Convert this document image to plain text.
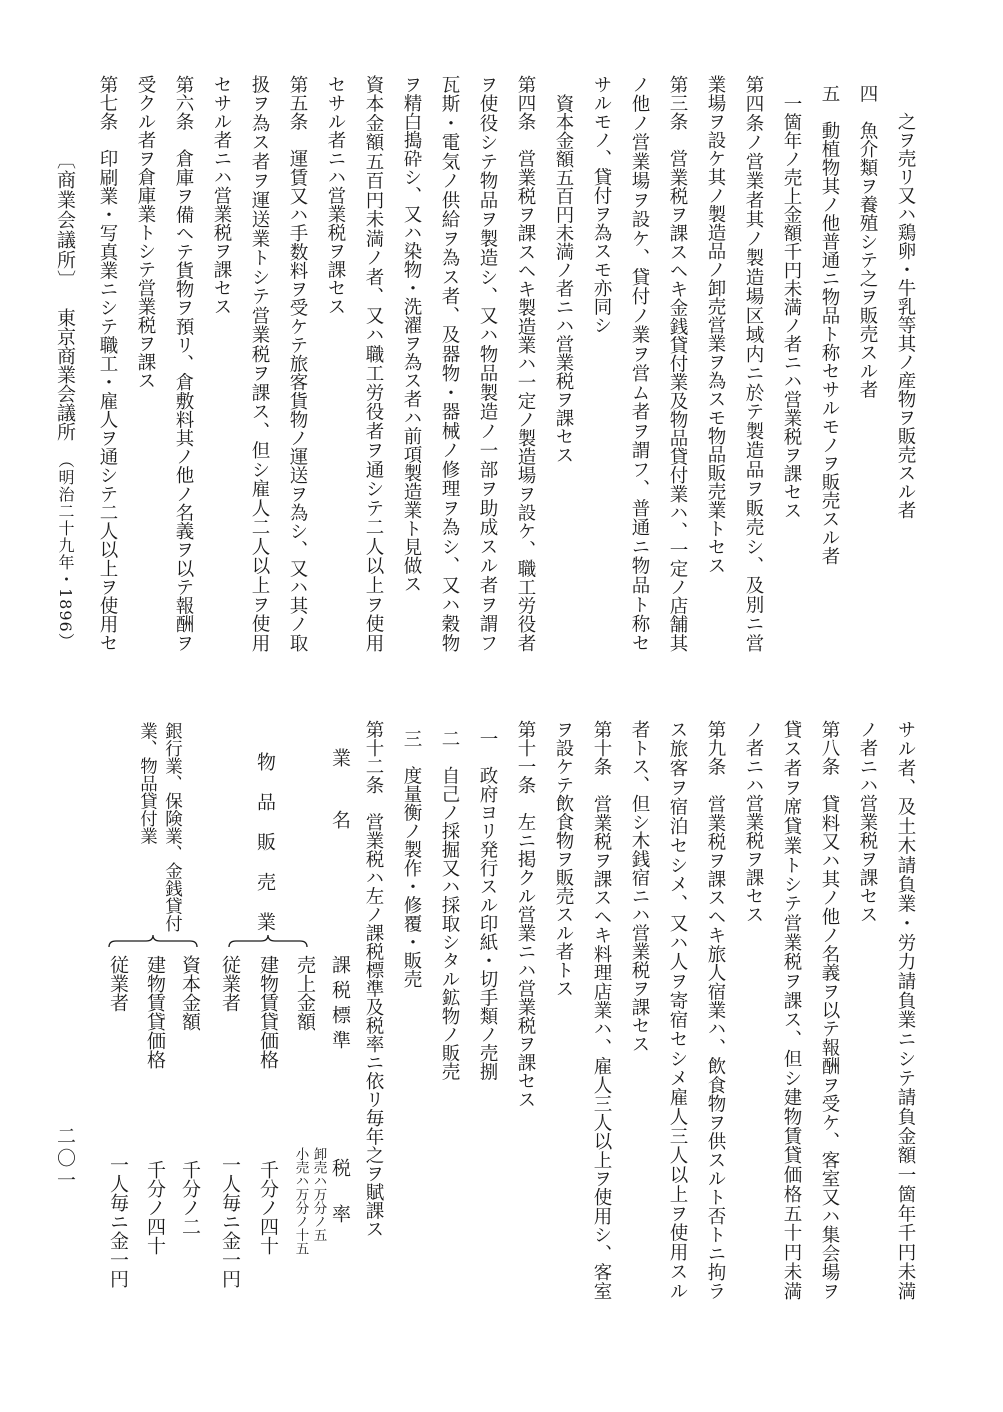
〔商業会議所〕
東京商業会議所
（明治二十九年・1896）
之ヲ売リ又ハ鶏卵・牛乳等其ノ産物ヲ販売スル者
四　魚介類ヲ養殖シテ之ヲ販売スル者
五　動植物其ノ他普通ニ物品ト称セサルモノヲ販売スル者
一箇年ノ売上金額千円未満ノ者ニハ営業税ヲ課セス
第四条ノ営業者其ノ製造場区域内ニ於テ製造品ヲ販売シ、及別ニ営
業場ヲ設ケ其ノ製造品ノ卸売営業ヲ為スモ物品販売業トセス
第三条　営業税ヲ課スヘキ金銭貸付業及物品貸付業ハ、一定ノ店舗其
ノ他ノ営業場ヲ設ケ、貸付ノ業ヲ営ム者ヲ謂フ、普通ニ物品ト称セ
サルモノ、貸付ヲ為スモ亦同シ
資本金額五百円未満ノ者ニハ営業税ヲ課セス
第四条　営業税ヲ課スヘキ製造業ハ一定ノ製造場ヲ設ケ、職工労役者
ヲ使役シテ物品ヲ製造シ、又ハ物品製造ノ一部ヲ助成スル者ヲ謂フ
瓦斯・電気ノ供給ヲ為ス者、及器物・器械ノ修理ヲ為シ、又ハ穀物
ヲ精白搗砕シ、又ハ染物・洗濯ヲ為ス者ハ前項製造業ト見做ス
資本金額五百円未満ノ者、又ハ職工労役者ヲ通シテ二人以上ヲ使用
セサル者ニハ営業税ヲ課セス
第五条　運賃又ハ手数料ヲ受ケテ旅客貨物ノ運送ヲ為シ、又ハ其ノ取
扱ヲ為ス者ヲ運送業トシテ営業税ヲ課ス、但シ雇人二人以上ヲ使用
セサル者ニハ営業税ヲ課セス
第六条　倉庫ヲ備ヘテ貨物ヲ預リ、倉敷料其ノ他ノ名義ヲ以テ報酬ヲ
受クル者ヲ倉庫業トシテ営業税ヲ課ス
第七条　印刷業・写真業ニシテ職工・雇人ヲ通シテ二人以上ヲ使用セ
サル者、及土木請負業・労力請負業ニシテ請負金額一箇年千円未満
ノ者ニハ営業税ヲ課セス
第八条　貸料又ハ其ノ他ノ名義ヲ以テ報酬ヲ受ケ、客室又ハ集会場ヲ
貸ス者ヲ席貸業トシテ営業税ヲ課ス、但シ建物賃貸価格五十円未満
ノ者ニハ営業税ヲ課セス
第九条　営業税ヲ課スヘキ旅人宿業ハ、飲食物ヲ供スルト否トニ拘ラ
ス旅客ヲ宿泊セシメ、又ハ人ヲ寄宿セシメ雇人三人以上ヲ使用スル
者トス、但シ木銭宿ニハ営業税ヲ課セス
第十条　営業税ヲ課スヘキ料理店業ハ、雇人三人以上ヲ使用シ、客室
ヲ設ケテ飲食物ヲ販売スル者トス
第十一条　左ニ掲クル営業ニハ営業税ヲ課セス
一　政府ヨリ発行スル印紙・切手類ノ売捌
二　自己ノ採掘又ハ採取シタル鉱物ノ販売
三　度量衡ノ製作・修覆・販売
第十二条　営業税ハ左ノ課税標準及税率ニ依リ毎年之ヲ賦課ス
業　名
課税標準
税　率
物品販売業
売上金額
建物賃貸価格
従業者
卸売ハ万分ノ五
小売ハ万分ノ十五
千分ノ四十
一人毎ニ金一円
銀行業、保険業、金銭貸付
業、物品貸付業
資本金額
建物賃貸価格
従業者
千分ノ二
千分ノ四十
一人毎ニ金一円
二〇一
